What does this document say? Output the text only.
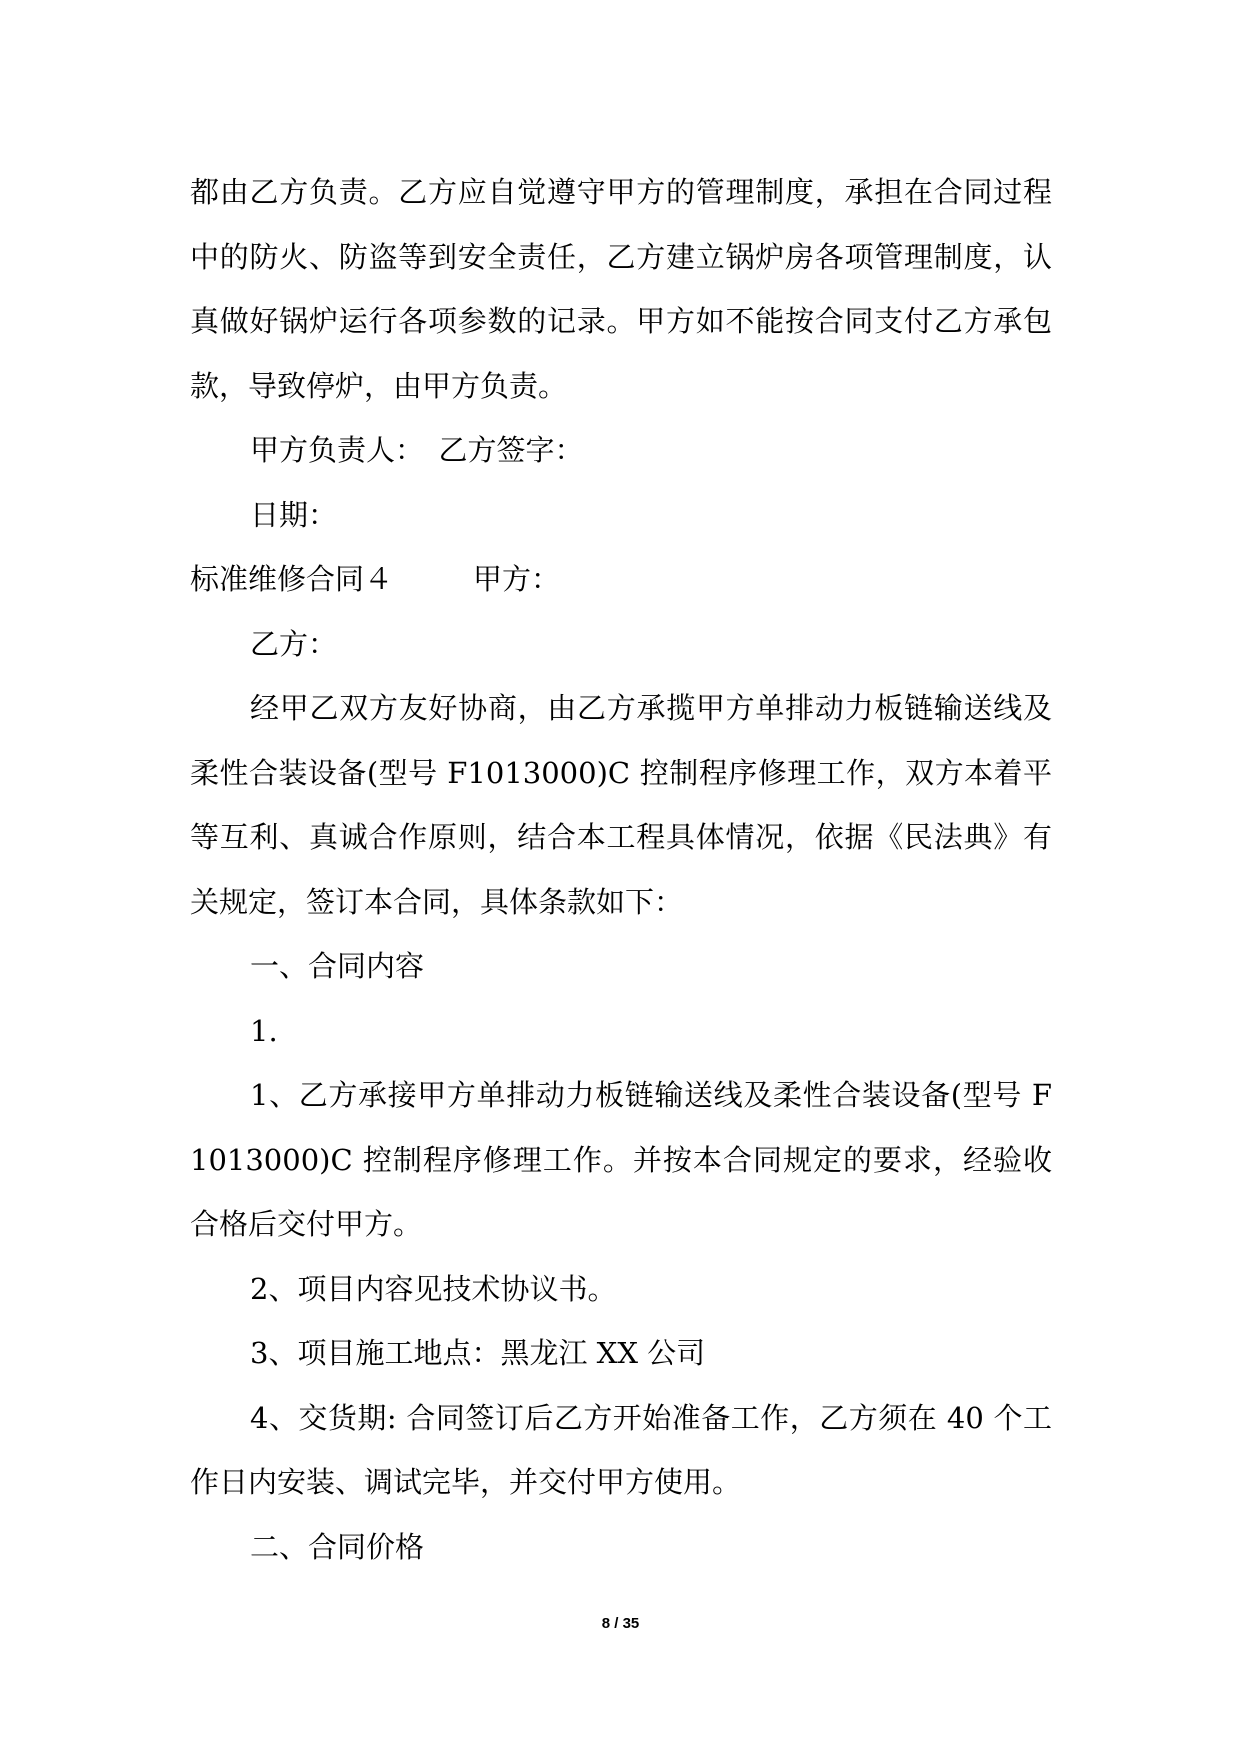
都由乙方负责。乙方应自觉遵守甲方的管理制度，承担在合同过程中的防火、防盗等到安全责任，乙方建立锅炉房各项管理制度，认真做好锅炉运行各项参数的记录。甲方如不能按合同支付乙方承包款，导致停炉，由甲方负责。

甲方负责人：　乙方签字：

日期：

标准维修合同４	甲方：

乙方：

经甲乙双方友好协商，由乙方承揽甲方单排动力板链输送线及柔性合装设备(型号 F1013000)C 控制程序修理工作，双方本着平等互利、真诚合作原则，结合本工程具体情况，依据《民法典》有关规定，签订本合同，具体条款如下：

一、合同内容

1.

1、乙方承接甲方单排动力板链输送线及柔性合装设备(型号 F1013000)C 控制程序修理工作。并按本合同规定的要求，经验收合格后交付甲方。

2、项目内容见技术协议书。

3、项目施工地点：黑龙江 XX 公司

4、交货期: 合同签订后乙方开始准备工作，乙方须在 40 个工作日内安装、调试完毕，并交付甲方使用。

二、合同价格

8 / 35
